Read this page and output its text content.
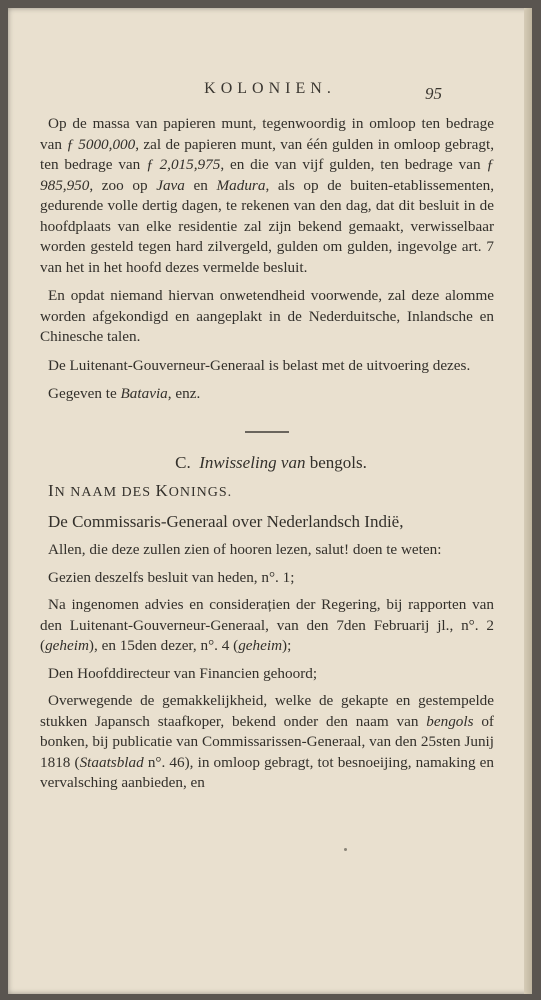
KOLONIEN.	95

Op de massa van papieren munt, tegenwoordig in omloop ten bedrage van ƒ 5000,000, zal de papieren munt, van één gulden in omloop gebragt, ten bedrage van ƒ 2,015,975, en die van vijf gulden, ten bedrage van ƒ 985,950, zoo op Java en Madura, als op de buiten-etablissementen, gedurende volle dertig dagen, te rekenen van den dag, dat dit besluit in de hoofdplaats van elke residentie zal zijn bekend gemaakt, verwisselbaar worden gesteld tegen hard zilvergeld, gulden om gulden, ingevolge art. 7 van het in het hoofd dezes vermelde besluit.

En opdat niemand hiervan onwetendheid voorwende, zal deze alomme worden afgekondigd en aangeplakt in de Nederduitsche, Inlandsche en Chinesche talen.

De Luitenant-Gouverneur-Generaal is belast met de uitvoering dezes.

Gegeven te Batavia, enz.

C. Inwisseling van bengols.

IN NAAM DES KONINGS.

De Commissaris-Generaal over Nederlandsch Indië,

Allen, die deze zullen zien of hooren lezen, salut! doen te weten:

Gezien deszelfs besluit van heden, n°. 1;

Na ingenomen advies en considerațien der Regering, bij rapporten van den Luitenant-Gouverneur-Generaal, van den 7den Februarij jl., n°. 2 (geheim), en 15den dezer, n°. 4 (geheim);

Den Hoofddirecteur van Financien gehoord;

Overwegende de gemakkelijkheid, welke de gekapte en gestempelde stukken Japansch staafkoper, bekend onder den naam van bengols of bonken, bij publicatie van Commissarissen-Generaal, van den 25sten Junij 1818 (Staatsblad n°. 46), in omloop gebragt, tot besnoeijing, namaking en vervalsching aanbieden, en
